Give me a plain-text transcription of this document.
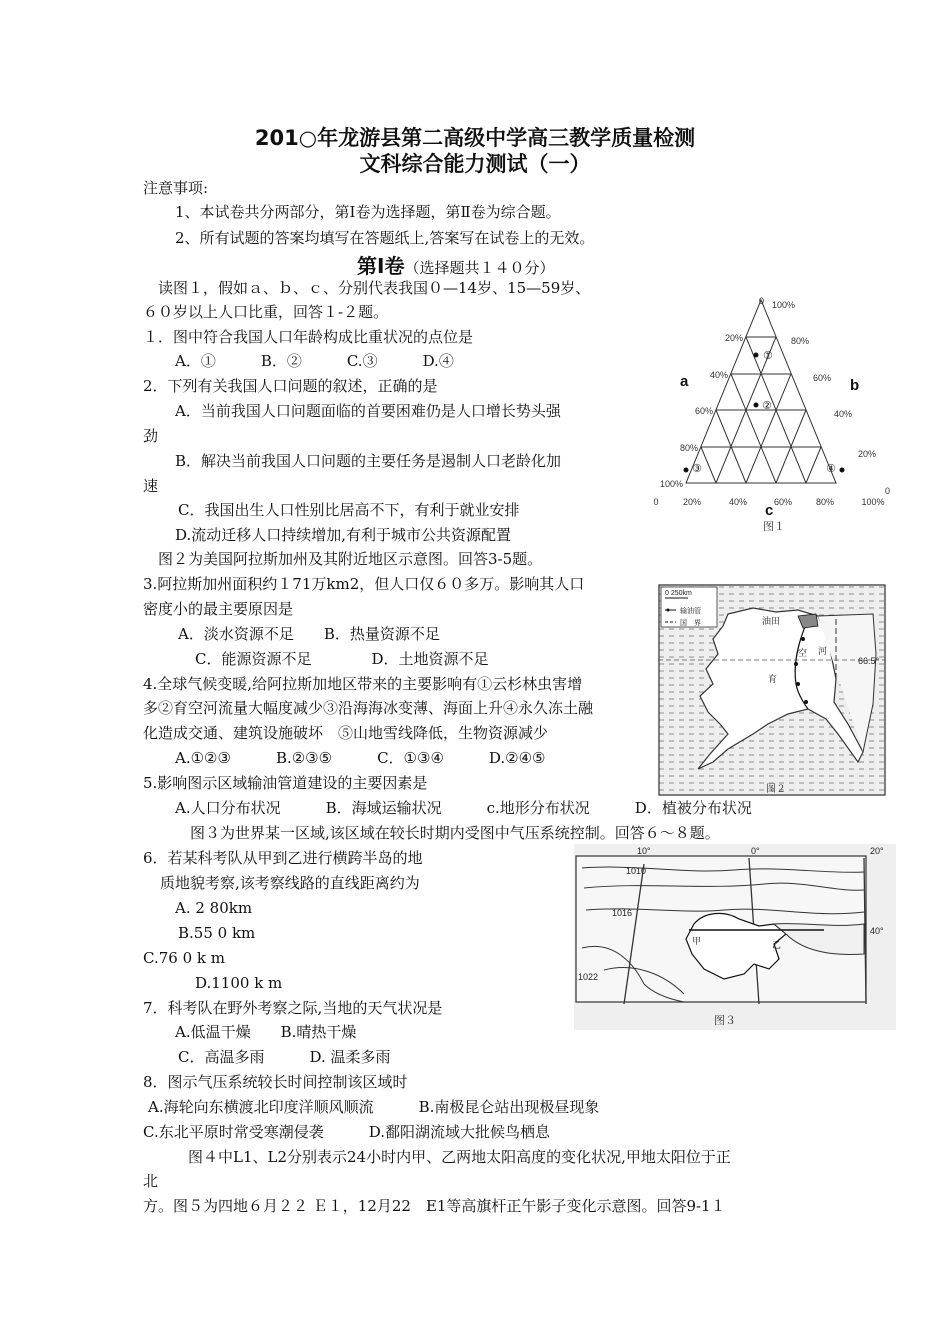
201○年龙游县第二高级中学高三教学质量检测
文科综合能力测试（一）
注意事项:
1、本试卷共分两部分，第Ⅰ卷为选择题，第Ⅱ卷为综合题。
2、所有试题的答案均填写在答题纸上,答案写在试卷上的无效。
第Ⅰ卷（选择题共１４０分）
读图１，假如ａ、ｂ、ｃ、分别代表我国０—14岁、15—59岁、
６０岁以上人口比重，回答１-２题。
１．图中符合我国人口年龄构成比重状况的点位是
A．①　　　B．②　　　C.③　　　D.④
2．下列有关我国人口问题的叙述，正确的是
A．当前我国人口问题面临的首要困难仍是人口增长势头强
劲
B．解决当前我国人口问题的主要任务是遏制人口老龄化加
速
C．我国出生人口性别比居高不下，有利于就业安排
D.流动迁移人口持续增加,有利于城市公共资源配置
图２为美国阿拉斯加州及其附近地区示意图。回答3-5题。
3.阿拉斯加州面积约１71万km2，但人口仅６０多万。影响其人口
密度小的最主要原因是
A．淡水资源不足　　B．热量资源不足
C．能源资源不足　　　　D．土地资源不足
4.全球气候变暖,给阿拉斯加地区带来的主要影响有①云杉林虫害增
多②育空河流量大幅度减少③沿海海冰变薄、海面上升④永久冻土融
化造成交通、建筑设施破坏　⑤山地雪线降低，生物资源减少
A.①②③　　　B.②③⑤　　　C．①③④　　　D.②④⑤
5.影响图示区域输油管道建设的主要因素是
A.人口分布状况　　　B．海域运输状况　　　c.地形分布状况　　　D．植被分布状况
图３为世界某一区域,该区域在较长时期内受图中气压系统控制。回答６～８题。
6．若某科考队从甲到乙进行横跨半岛的地
质地貌考察,该考察线路的直线距离约为
A. 2 80km
B.55 0 km
C.76 0 k m
D.1100 k m
7．科考队在野外考察之际,当地的天气状况是
A.低温干燥　　B.晴热干燥
C．高温多雨　　　D. 温柔多雨
8．图示气压系统较长时间控制该区域时
A.海轮向东横渡北印度洋顺风顺流　　　B.南极昆仑站出现极昼现象
C.东北平原时常受寒潮侵袭　　　D.鄱阳湖流域大批候鸟栖息
图４中L1、L2分别表示24小时内甲、乙两地太阳高度的变化状况,甲地太阳位于正
北
方。图５为四地６月２２ Ｅ１，12月22　E1等高旗杆正午影子变化示意图。回答9-1１
①
②
③	④
0
20%
40%
60%
80%
100%
100%
80%
60%
40%
20%
0
0	20%	40%	60%	80%	100%
a	b
c
图１
0 250km
输油管
国　界	油田
66.5°
育
空 河
图２
10°	0°	20°
1010
1016
1022
40°
甲	乙
图３
